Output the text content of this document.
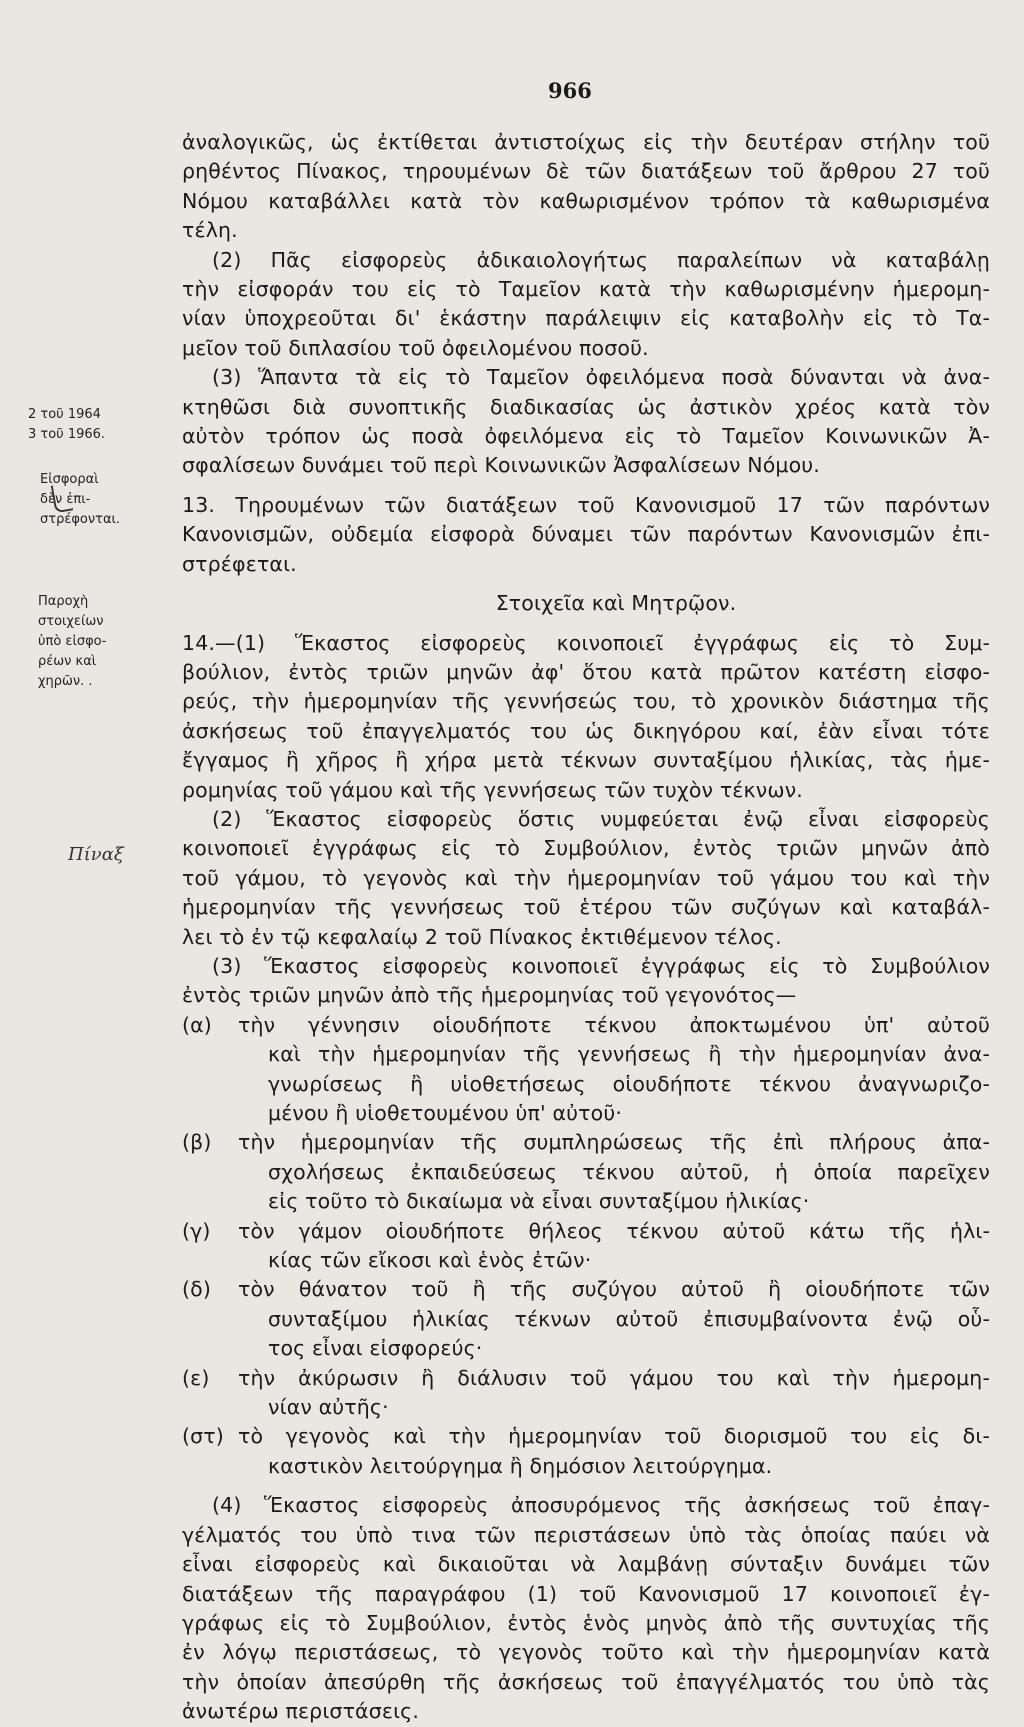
966
2 τοῦ 1964
3 τοῦ 1966.
Εἰσφοραὶ
δὲν ἐπι-
στρέφονται.
Παροχὴ
στοιχείων
ὑπὸ εἰσφο-
ρέων καὶ
χηρῶν. .
Πίναξ
ἀναλογικῶς, ὡς ἐκτίθεται ἀντιστοίχως εἰς τὴν δευτέραν στήλην τοῦ
ρηθέντος Πίνακος, τηρουμένων δὲ τῶν διατάξεων τοῦ ἄρθρου 27 τοῦ
Νόμου καταβάλλει κατὰ τὸν καθωρισμένον τρόπον τὰ καθωρισμένα
τέλη.
(2) Πᾶς εἰσφορεὺς ἀδικαιολογήτως παραλείπων νὰ καταβάλῃ
τὴν εἰσφοράν του εἰς τὸ Ταμεῖον κατὰ τὴν καθωρισμένην ἡμερομη-
νίαν ὑποχρεοῦται δι' ἑκάστην παράλειψιν εἰς καταβολὴν εἰς τὸ Τα-
μεῖον τοῦ διπλασίου τοῦ ὀφειλομένου ποσοῦ.
(3) Ἅπαντα τὰ εἰς τὸ Ταμεῖον ὀφειλόμενα ποσὰ δύνανται νὰ ἀνα-
κτηθῶσι διὰ συνοπτικῆς διαδικασίας ὡς ἀστικὸν χρέος κατὰ τὸν
αὐτὸν τρόπον ὡς ποσὰ ὀφειλόμενα εἰς τὸ Ταμεῖον Κοινωνικῶν Ἀ-
σφαλίσεων δυνάμει τοῦ περὶ Κοινωνικῶν Ἀσφαλίσεων Νόμου.
13. Τηρουμένων τῶν διατάξεων τοῦ Κανονισμοῦ 17 τῶν παρόντων
Κανονισμῶν, οὐδεμία εἰσφορὰ δύναμει τῶν παρόντων Κανονισμῶν ἐπι-
στρέφεται.
Στοιχεῖα καὶ Μητρῷον.
14.—(1) Ἕκαστος εἰσφορεὺς κοινοποιεῖ ἐγγράφως εἰς τὸ Συμ-
βούλιον, ἐντὸς τριῶν μηνῶν ἀφ' ὅτου κατὰ πρῶτον κατέστη εἰσφο-
ρεύς, τὴν ἡμερομηνίαν τῆς γεννήσεώς του, τὸ χρονικὸν διάστημα τῆς
ἀσκήσεως τοῦ ἐπαγγελματός του ὡς δικηγόρου καί, ἐὰν εἶναι τότε
ἔγγαμος ἢ χῆρος ἢ χήρα μετὰ τέκνων συνταξίμου ἡλικίας, τὰς ἡμε-
ρομηνίας τοῦ γάμου καὶ τῆς γεννήσεως τῶν τυχὸν τέκνων.
(2) Ἕκαστος εἰσφορεὺς ὅστις νυμφεύεται ἐνῷ εἶναι εἰσφορεὺς
κοινοποιεῖ ἐγγράφως εἰς τὸ Συμβούλιον, ἐντὸς τριῶν μηνῶν ἀπὸ
τοῦ γάμου, τὸ γεγονὸς καὶ τὴν ἡμερομηνίαν τοῦ γάμου του καὶ τὴν
ἡμερομηνίαν τῆς γεννήσεως τοῦ ἑτέρου τῶν συζύγων καὶ καταβάλ-
λει τὸ ἐν τῷ κεφαλαίῳ 2 τοῦ Πίνακος ἐκτιθέμενον τέλος.
(3) Ἕκαστος εἰσφορεὺς κοινοποιεῖ ἐγγράφως εἰς τὸ Συμβούλιον
ἐντὸς τριῶν μηνῶν ἀπὸ τῆς ἡμερομηνίας τοῦ γεγονότος—
(α)	τὴν γέννησιν οἱουδήποτε τέκνου ἀποκτωμένου ὑπ' αὐτοῦ
καὶ τὴν ἡμερομηνίαν τῆς γεννήσεως ἢ τὴν ἡμερομηνίαν ἀνα-
γνωρίσεως ἢ υἱοθετήσεως οἱουδήποτε τέκνου ἀναγνωριζο-
μένου ἢ υἱοθετουμένου ὑπ' αὐτοῦ·
(β)	τὴν ἡμερομηνίαν τῆς συμπληρώσεως τῆς ἐπὶ πλήρους ἀπα-
σχολήσεως ἐκπαιδεύσεως τέκνου αὐτοῦ, ἡ ὁποία παρεῖχεν
εἰς τοῦτο τὸ δικαίωμα νὰ εἶναι συνταξίμου ἡλικίας·
(γ)	τὸν γάμον οἱουδήποτε θήλεος τέκνου αὐτοῦ κάτω τῆς ἡλι-
κίας τῶν εἴκοσι καὶ ἑνὸς ἐτῶν·
(δ)	τὸν θάνατον τοῦ ἢ τῆς συζύγου αὐτοῦ ἢ οἱουδήποτε τῶν
συνταξίμου ἡλικίας τέκνων αὐτοῦ ἐπισυμβαίνοντα ἐνῷ οὗ-
τος εἶναι εἰσφορεύς·
(ε)	τὴν ἀκύρωσιν ἢ διάλυσιν τοῦ γάμου του καὶ τὴν ἡμερομη-
νίαν αὐτῆς·
(στ) τὸ γεγονὸς καὶ τὴν ἡμερομηνίαν τοῦ διορισμοῦ του εἰς δι-
καστικὸν λειτούργημα ἢ δημόσιον λειτούργημα.
(4) Ἕκαστος εἰσφορεὺς ἀποσυρόμενος τῆς ἀσκήσεως τοῦ ἐπαγ-
γέλματός του ὑπὸ τινα τῶν περιστάσεων ὑπὸ τὰς ὁποίας παύει νὰ
εἶναι εἰσφορεὺς καὶ δικαιοῦται νὰ λαμβάνῃ σύνταξιν δυνάμει τῶν
διατάξεων τῆς παραγράφου (1) τοῦ Κανονισμοῦ 17 κοινοποιεῖ ἐγ-
γράφως εἰς τὸ Συμβούλιον, ἐντὸς ἑνὸς μηνὸς ἀπὸ τῆς συντυχίας τῆς
ἐν λόγῳ περιστάσεως, τὸ γεγονὸς τοῦτο καὶ τὴν ἡμερομηνίαν κατὰ
τὴν ὁποίαν ἀπεσύρθη τῆς ἀσκήσεως τοῦ ἐπαγγέλματός του ὑπὸ τὰς
ἀνωτέρω περιστάσεις.
